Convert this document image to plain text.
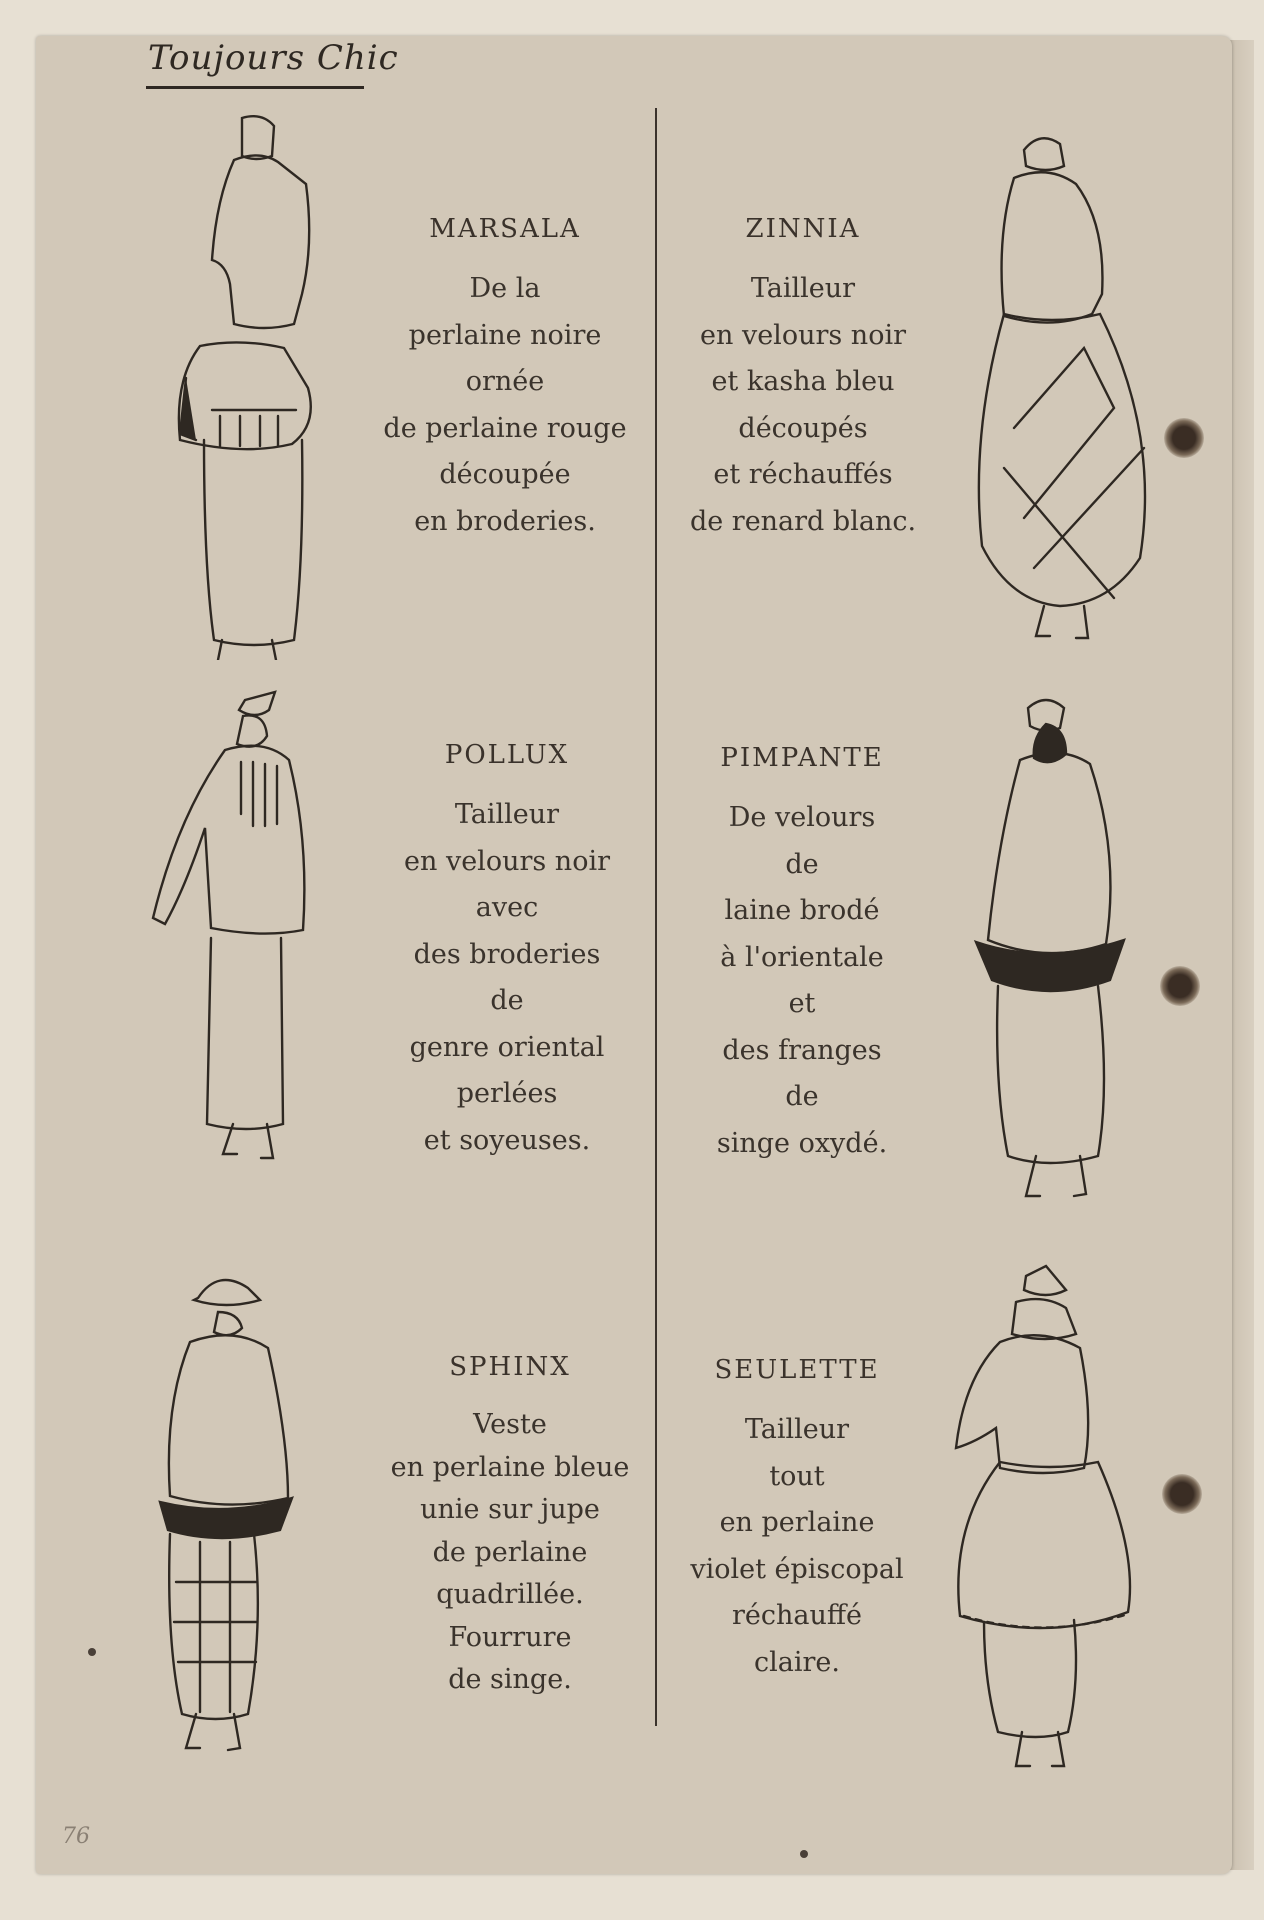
Toujours Chic
MARSALA
De la
perlaine noire
ornée
de perlaine rouge
découpée
en broderies.
ZINNIA
Tailleur
en velours noir
et kasha bleu
découpés
et réchauffés
de renard blanc.
POLLUX
Tailleur
en velours noir
avec
des broderies
de
genre oriental
perlées
et soyeuses.
PIMPANTE
De velours
de
laine brodé
à l'orientale
et
des franges
de
singe oxydé.
SPHINX
Veste
en perlaine bleue
unie sur jupe
de perlaine
quadrillée.
Fourrure
de singe.
SEULETTE
Tailleur
tout
en perlaine
violet épiscopal
réchauffé
claire.
76
